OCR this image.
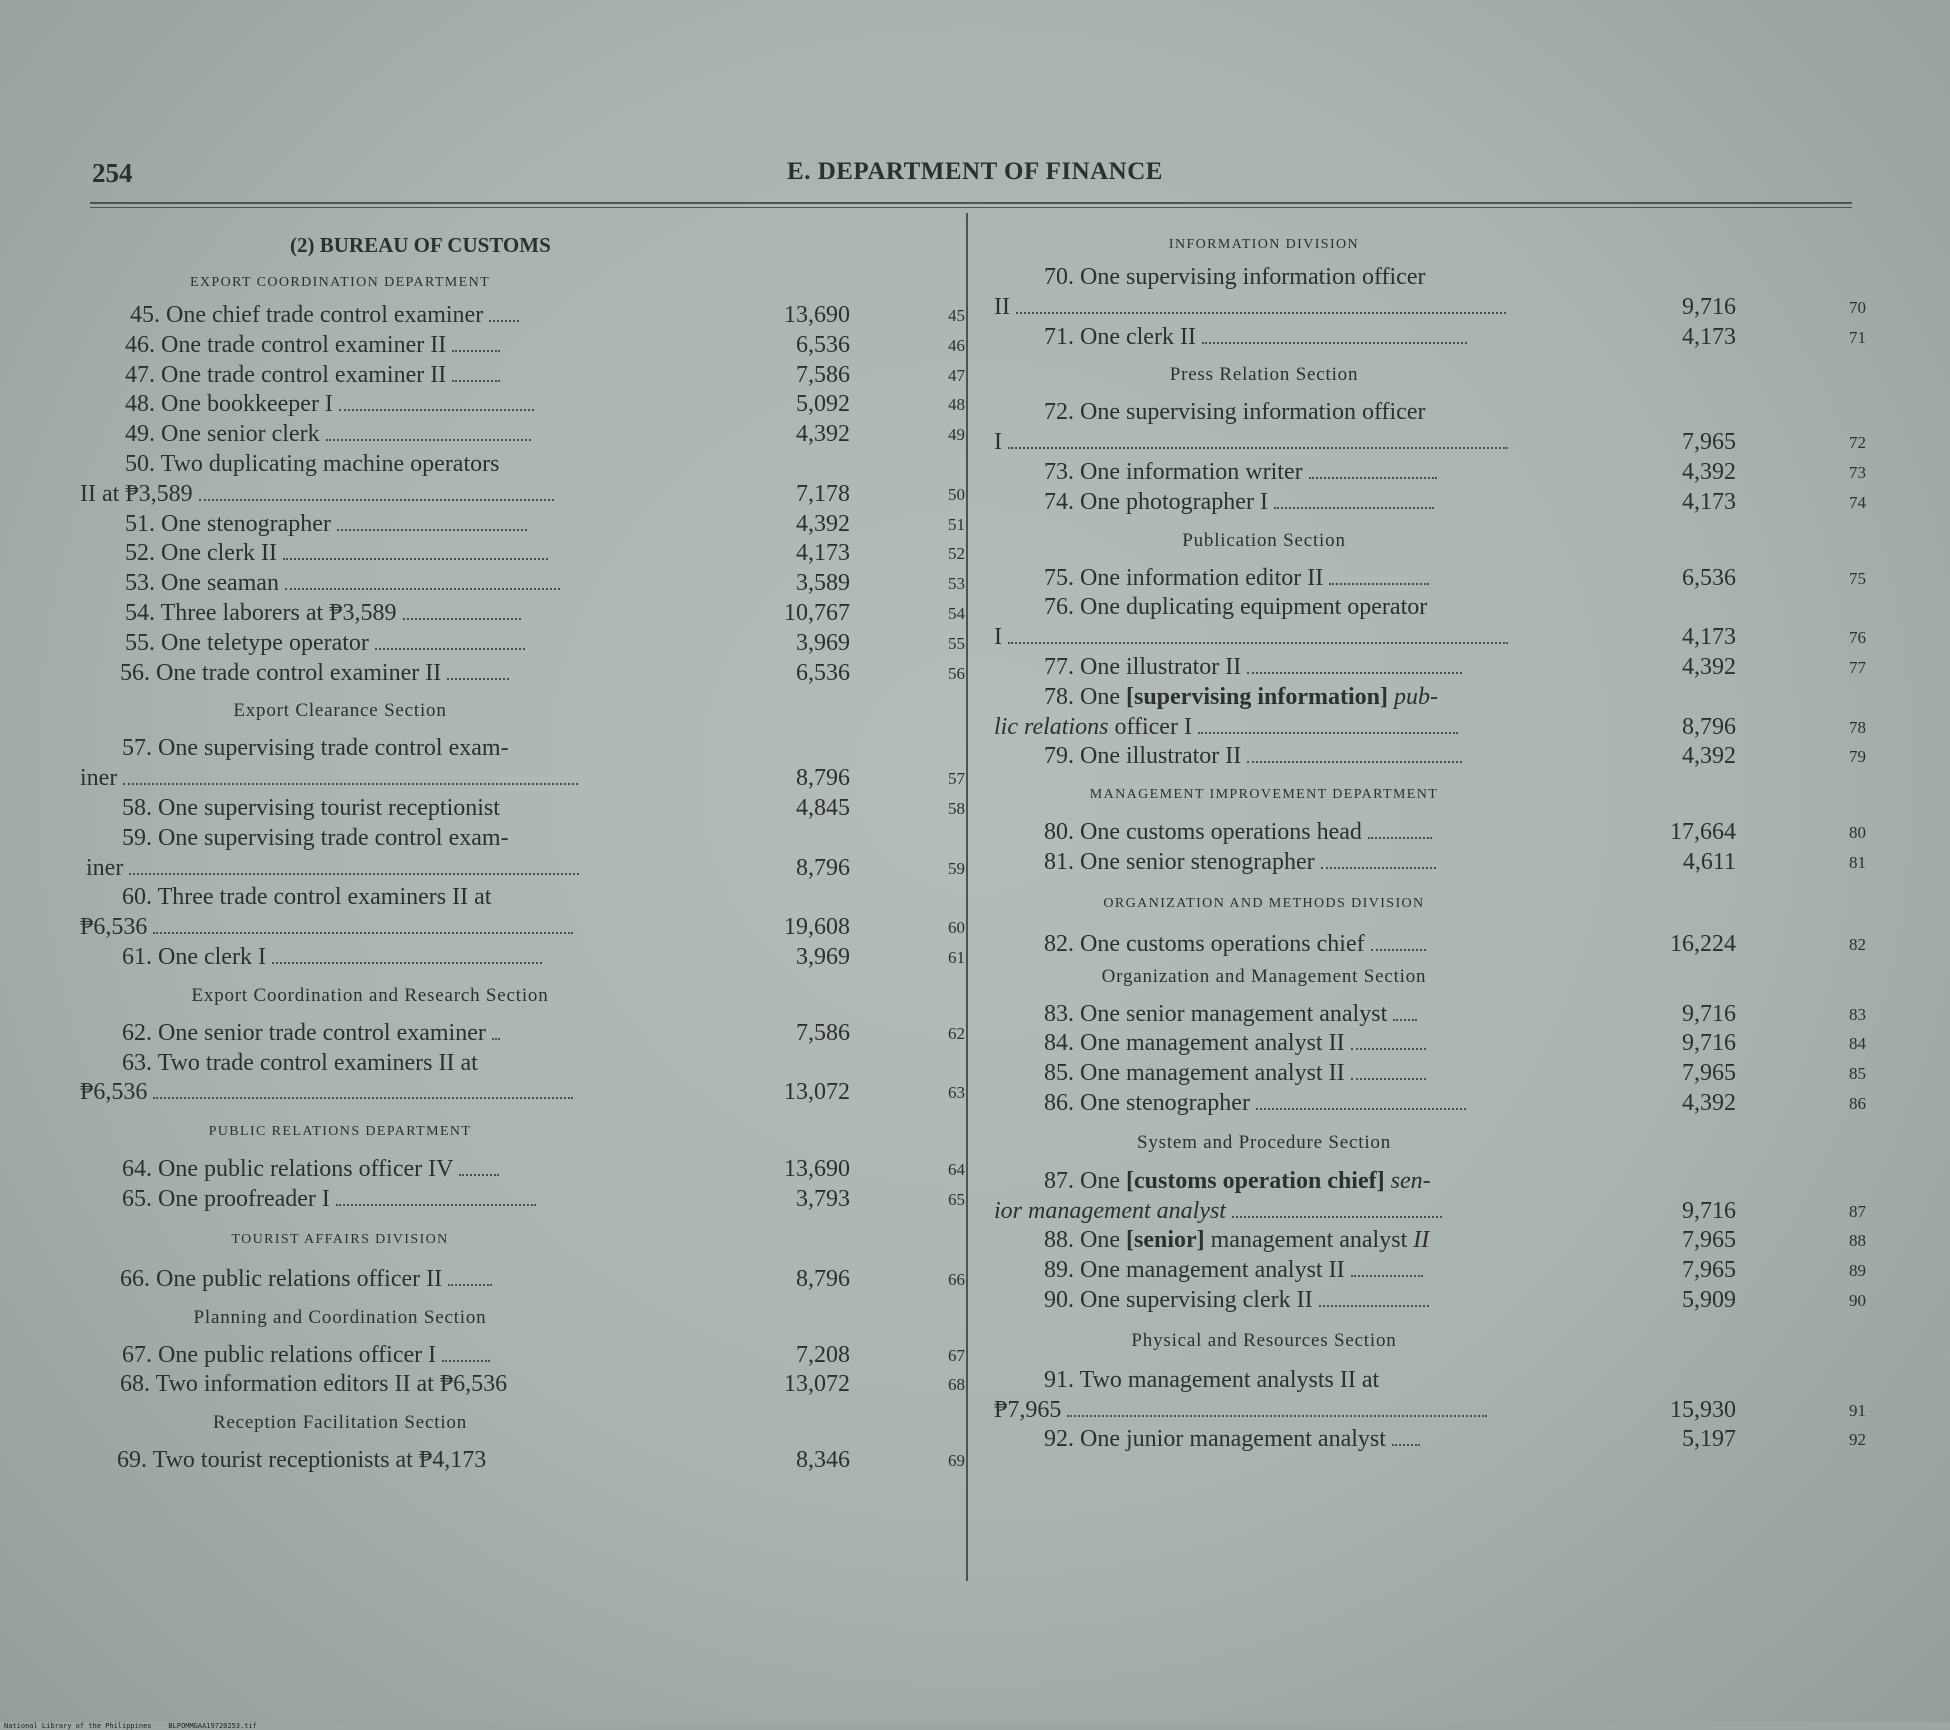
254	E. DEPARTMENT OF FINANCE
(2) BUREAU OF CUSTOMS
EXPORT COORDINATION DEPARTMENT
45. One chief trade control examiner	13,690	45
46. One trade control examiner II	6,536	46
47. One trade control examiner II	7,586	47
48. One bookkeeper I	5,092	48
49. One senior clerk	4,392	49
50. Two duplicating machine operators
II at ₱3,589	7,178	50
51. One stenographer	4,392	51
52. One clerk II	4,173	52
53. One seaman	3,589	53
54. Three laborers at ₱3,589	10,767	54
55. One teletype operator	3,969	55
56. One trade control examiner II	6,536	56
Export Clearance Section
57. One supervising trade control exam-
iner	8,796	57
58. One supervising tourist receptionist	4,845	58
59. One supervising trade control exam-
iner	8,796	59
60. Three trade control examiners II at
₱6,536	19,608	60
61. One clerk I	3,969	61
Export Coordination and Research Section
62. One senior trade control examiner	7,586	62
63. Two trade control examiners II at
₱6,536	13,072	63
PUBLIC RELATIONS DEPARTMENT
64. One public relations officer IV	13,690	64
65. One proofreader I	3,793	65
TOURIST AFFAIRS DIVISION
66. One public relations officer II	8,796	66
Planning and Coordination Section
67. One public relations officer I	7,208	67
68. Two information editors II at ₱6,536	13,072	68
Reception Facilitation Section
69. Two tourist receptionists at ₱4,173	8,346	69
INFORMATION DIVISION
70. One supervising information officer
II	9,716	70
71. One clerk II	4,173	71
Press Relation Section
72. One supervising information officer
I	7,965	72
73. One information writer	4,392	73
74. One photographer I	4,173	74
Publication Section
75. One information editor II	6,536	75
76. One duplicating equipment operator
I	4,173	76
77. One illustrator II	4,392	77
78. One [supervising information] pub-
lic relations officer I	8,796	78
79. One illustrator II	4,392	79
MANAGEMENT IMPROVEMENT DEPARTMENT
80. One customs operations head	17,664	80
81. One senior stenographer	4,611	81
ORGANIZATION AND METHODS DIVISION
82. One customs operations chief	16,224	82
Organization and Management Section
83. One senior management analyst	9,716	83
84. One management analyst II	9,716	84
85. One management analyst II	7,965	85
86. One stenographer	4,392	86
System and Procedure Section
87. One [customs operation chief] sen-
ior management analyst	9,716	87
88. One [senior] management analyst II	7,965	88
89. One management analyst II	7,965	89
90. One supervising clerk II	5,909	90
Physical and Resources Section
91. Two management analysts II at
₱7,965	15,930	91
92. One junior management analyst	5,197	92
National Library of the Philippines BLPOMMGAA19720253.tif
